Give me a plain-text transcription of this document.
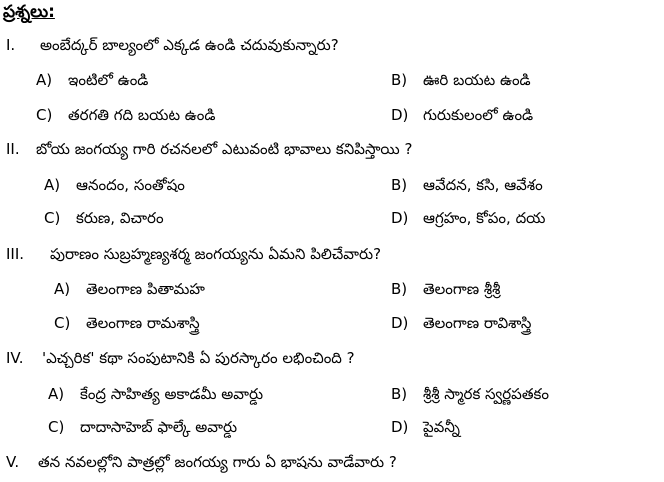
ప్రశ్నలు:
I. అంబేద్కర్ బాల్యంలో ఎక్కడ ఉండి చదువుకున్నారు?
A) ఇంటిలో ఉండి	B) ఊరి బయట ఉండి
C) తరగతి గది బయట ఉండి	D) గురుకులంలో ఉండి
II. బోయ జంగయ్య గారి రచనలలో ఎటువంటి భావాలు కనిపిస్తాయి ?
A) ఆనందం, సంతోషం	B) ఆవేదన, కసి, ఆవేశం
C) కరుణ, విచారం	D) ఆగ్రహం, కోపం, దయ
III. పురాణం సుబ్రహ్మణ్యశర్మ జంగయ్యను ఏమని పిలిచేవారు?
A) తెలంగాణ పితామహ	B) తెలంగాణ శ్రీశ్రీ
C) తెలంగాణ రామశాస్త్రి	D) తెలంగాణ రావిశాస్త్రి
IV. 'ఎచ్చరిక' కథా సంపుటానికి ఏ పురస్కారం లభించింది ?
A) కేంద్ర సాహిత్య అకాడమీ అవార్డు	B) శ్రీశ్రీ స్మారక స్వర్ణపతకం
C) దాదాసాహెబ్ ఫాల్కే అవార్డు	D) పైవన్నీ
V. తన నవలల్లోని పాత్రల్లో జంగయ్య గారు ఏ భాషను వాడేవారు ?
